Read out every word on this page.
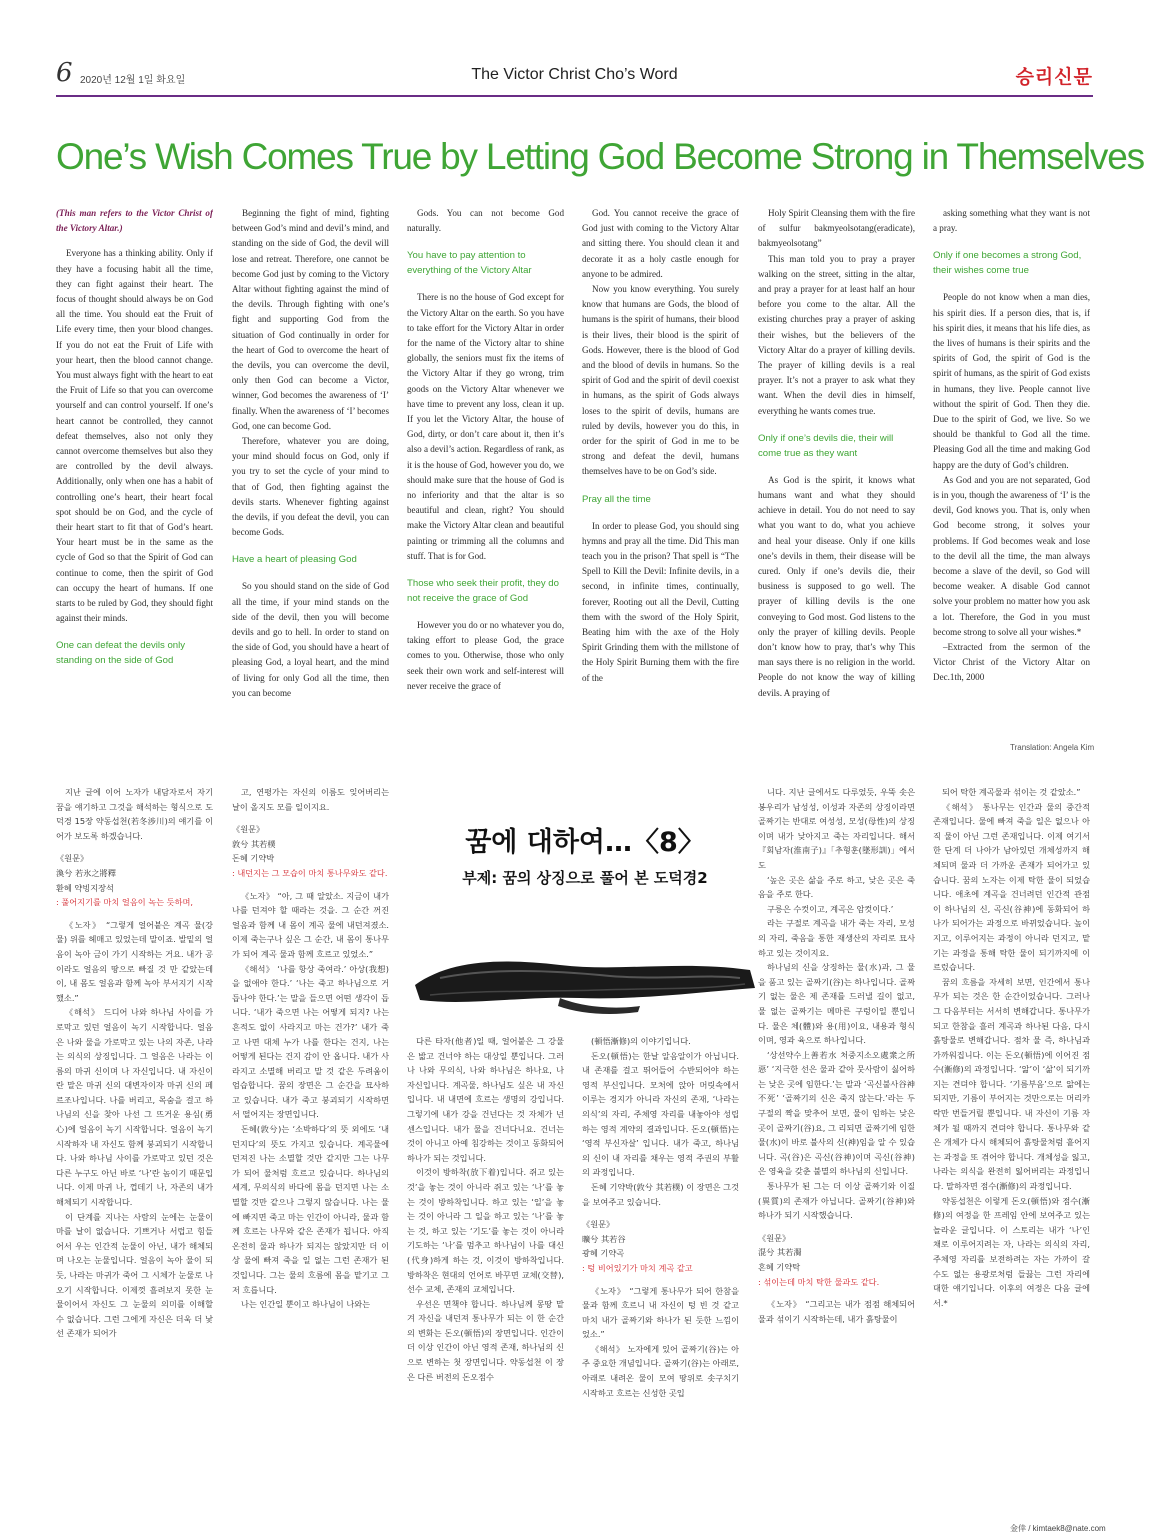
6 2020년 12월 1일 화요일	The Victor Christ Cho’s Word	승리신문
One’s Wish Comes True by Letting God Become Strong in Themselves

(This man refers to the Victor Christ of the Victory Altar.)

Everyone has a thinking ability. Only if they have a focusing habit all the time, they can fight against their heart. The focus of thought should always be on God all the time. You should eat the Fruit of Life every time, then your blood changes. If you do not eat the Fruit of Life with your heart, then the blood cannot change. You must always fight with the heart to eat the Fruit of Life so that you can overcome yourself and can control yourself. If one’s heart cannot be controlled, they cannot defeat themselves, also not only they cannot overcome themselves but also they are controlled by the devil always. Additionally, only when one has a habit of controlling one’s heart, their heart focal spot should be on God, and the cycle of their heart start to fit that of God’s heart. Your heart must be in the same as the cycle of God so that the Spirit of God can continue to come, then the spirit of God can occupy the heart of humans. If one starts to be ruled by God, they should fight against their minds.

One can defeat the devils only standing on the side of God

Beginning the fight of mind, fighting between God’s mind and devil’s mind, and standing on the side of God, the devil will lose and retreat. Therefore, one cannot be become God just by coming to the Victory Altar without fighting against the mind of the devils. Through fighting with one’s fight and supporting God from the situation of God continually in order for the heart of God to overcome the heart of the devils, you can overcome the devil, only then God can become a Victor, winner, God becomes the awareness of ‘I’ finally. When the awareness of ‘I’ becomes God, one can become God.

Therefore, whatever you are doing, your mind should focus on God, only if you try to set the cycle of your mind to that of God, then fighting against the devils starts. Whenever fighting against the devils, if you defeat the devil, you can become Gods.

Have a heart of pleasing God

So you should stand on the side of God all the time, if your mind stands on the side of the devil, then you will become devils and go to hell. In order to stand on the side of God, you should have a heart of pleasing God, a loyal heart, and the mind of living for only God all the time, then you can become

Gods. You can not become God naturally.

You have to pay attention to everything of the Victory Altar

There is no the house of God except for the Victory Altar on the earth. So you have to take effort for the Victory Altar in order for the name of the Victory altar to shine globally, the seniors must fix the items of the Victory Altar if they go wrong, trim goods on the Victory Altar whenever we have time to prevent any loss, clean it up. If you let the Victory Altar, the house of God, dirty, or don’t care about it, then it’s also a devil’s action. Regardless of rank, as it is the house of God, however you do, we should make sure that the house of God is no inferiority and that the altar is so beautiful and clean, right? You should make the Victory Altar clean and beautiful painting or trimming all the columns and stuff. That is for God.

Those who seek their profit, they do not receive the grace of God

However you do or no whatever you do, taking effort to please God, the grace comes to you. Otherwise, those who only seek their own work and self-interest will never receive the grace of

God. You cannot receive the grace of God just with coming to the Victory Altar and sitting there. You should clean it and decorate it as a holy castle enough for anyone to be admired.

Now you know everything. You surely know that humans are Gods, the blood of humans is the spirit of humans, their blood is their lives, their blood is the spirit of Gods. However, there is the blood of God and the blood of devils in humans. So the spirit of God and the spirit of devil coexist in humans, as the spirit of Gods always loses to the spirit of devils, humans are ruled by devils, however you do this, in order for the spirit of God in me to be strong and defeat the devil, humans themselves have to be on God’s side.

Pray all the time

In order to please God, you should sing hymns and pray all the time. Did This man teach you in the prison? That spell is “The Spell to Kill the Devil: Infinite devils, in a second, in infinite times, continually, forever, Rooting out all the Devil, Cutting them with the sword of the Holy Spirit, Beating him with the axe of the Holy Spirit Grinding them with the millstone of the Holy Spirit Burning them with the fire of the

Holy Spirit Cleansing them with the fire of sulfur bakmyeolsotang(eradicate), bakmyeolsotang”

This man told you to pray a prayer walking on the street, sitting in the altar, and pray a prayer for at least half an hour before you come to the altar. All the existing churches pray a prayer of asking their wishes, but the believers of the Victory Altar do a prayer of killing devils. The prayer of killing devils is a real prayer. It’s not a prayer to ask what they want. When the devil dies in himself, everything he wants comes true.

Only if one’s devils die, their will come true as they want

As God is the spirit, it knows what humans want and what they should achieve in detail. You do not need to say what you want to do, what you achieve and heal your disease. Only if one kills one’s devils in them, their disease will be cured. Only if one’s devils die, their business is supposed to go well. The prayer of killing devils is the one conveying to God most. God listens to the only the prayer of killing devils. People don’t know how to pray, that’s why This man says there is no religion in the world. People do not know the way of killing devils. A praying of

asking something what they want is not a pray.

Only if one becomes a strong God, their wishes come true

People do not know when a man dies, his spirit dies. If a person dies, that is, if his spirit dies, it means that his life dies, as the lives of humans is their spirits and the spirits of God, the spirit of God is the spirit of humans, as the spirit of God exists in humans, they live. People cannot live without the spirit of God. Then they die. Due to the spirit of God, we live. So we should be thankful to God all the time. Pleasing God all the time and making God happy are the duty of God’s children.

As God and you are not separated, God is in you, though the awareness of ‘I’ is the devil, God knows you. That is, only when God become strong, it solves your problems. If God becomes weak and lose to the devil all the time, the man always become a slave of the devil, so God will become weaker. A disable God cannot solve your problem no matter how you ask a lot. Therefore, the God in you must become strong to solve all your wishes.*

–Extracted from the sermon of the Victor Christ of the Victory Altar on Dec.1th, 2000

Translation: Angela Kim

지난 글에 이어 노자가 내담자로서 자기 꿈을 얘기하고 그것을 해석하는 형식으로 도덕경 15장 약동섭천(若冬涉川)의 얘기를 이어가 보도록 하겠습니다.

《원문》

渙兮 若氷之將釋

환혜 약빙지장석

: 풀어지기를 마치 얼음이 녹는 듯하며,

《노자》 “그렇게 얼어붙은 계곡 물(강물) 위를 헤매고 있었는데 말이죠. 발밑의 얼음이 녹아 금이 가기 시작하는 거요. 내가 공이라도 얼음의 땅으로 빠질 것 만 같았는데 이, 내 몸도 얼음과 함께 녹아 부서지기 시작했소.”

《해석》 드디어 나와 하나님 사이를 가로막고 있던 얼음이 녹기 시작합니다. 얼음은 나와 물을 가로막고 있는 나의 자존, 나라는 의식의 상징입니다. 그 얼음은 나라는 이름의 마귀 신이며 나 자신입니다. 내 자신이란 말은 마귀 신의 대변자이자 마귀 신의 페르조나입니다. 나를 버리고, 목숨을 걸고 하나님의 신을 찾아 나선 그 뜨거운 용심(勇心)에 얼음이 녹기 시작합니다. 얼음이 녹기 시작하자 내 자신도 함께 붕괴되기 시작합니다. 나와 하나님 사이를 가로막고 있던 것은 다른 누구도 아닌 바로 ‘나’란 놈이기 때문입니다. 이제 마귀 나, 껍데기 나, 자존의 내가 해체되기 시작합니다.

이 단계를 지나는 사람의 눈에는 눈물이 마를 날이 없습니다. 기쁘거나 서럽고 힘들어서 우는 인간적 눈물이 아닌, 내가 해체되며 나오는 눈물입니다. 얼음이 녹아 물이 되듯, 나라는 마귀가 죽어 그 시체가 눈물로 나오기 시작합니다. 이제껏 흘려보지 못한 눈물이어서 자신도 그 눈물의 의미를 이해할 수 없습니다. 그런 그에게 자신은 더욱 더 낯선 존재가 되어가

고, 연평가는 자신의 이름도 잊어버리는 날이 올지도 모를 일이지요.

《원문》

敦兮 其若樸

돈혜 기약박

: 내던지는 그 모습이 마치 통나무와도 같다.

《노자》 “아, 그 때 알았소. 지금이 내가 나를 던져야 할 때라는 것을. 그 순간 꺼진 얼음과 함께 내 몸이 계곡 물에 내던져졌소. 이제 죽는구나 싶은 그 순간, 내 몸이 통나무가 되어 계곡 물과 함께 흐르고 있었소.”

《해석》 ‘나를 항상 죽여라.’ 아상(我想)을 없애야 한다.’ ‘나는 죽고 하나님으로 거듭나야 한다.’는 말을 들으면 어떤 생각이 듭니다. ‘내가 죽으면 나는 어떻게 되지? 나는 흔적도 없이 사라지고 마는 건가?’ 내가 죽고 나면 대체 누가 나를 한다는 건지, 나는 어떻게 된다는 건지 감이 안 옵니다. 내가 사라지고 소멸해 버리고 말 것 같은 두려움이 엄습합니다. 꿈의 장면은 그 순간을 묘사하고 있습니다. 내가 죽고 붕괴되기 시작하면서 떨어지는 장면입니다.

돈혜(敦兮)는 ‘소박하다’의 뜻 외에도 ‘내던지다’의 뜻도 가지고 있습니다. 계곡물에 던져진 나는 소멸할 것만 같지만 그는 나무가 되어 물처럼 흐르고 있습니다. 하나님의 세계, 무의식의 바다에 몸을 던지면 나는 소멸할 것만 같으나 그렇지 않습니다. 나는 물에 빠지면 죽고 마는 인간이 아니라, 물과 함께 흐르는 나무와 같은 존재가 됩니다. 아직 온전히 물과 하나가 되지는 않았지만 더 이상 물에 빠져 죽을 일 없는 그런 존재가 된 것입니다. 그는 물의 흐름에 몸을 맡기고 그저 흐릅니다.

나는 인간일 뿐이고 하나님이 나와는

다른 타자(他者)일 때, 얼어붙은 그 강물은 밟고 건너야 하는 대상일 뿐입니다. 그러나 나와 무의식, 나와 하나님은 하나요, 나 자신입니다. 계곡물, 하나님도 싶은 내 자신입니다. 내 내면에 흐르는 생명의 강입니다. 그렇기에 내가 강을 건넌다는 것 자체가 넌센스입니다. 내가 물을 건너다니요. 건너는 것이 아니고 아예 침강하는 것이고 동화되어 하나가 되는 것입니다.

이것이 방하착(放下着)입니다. 쥐고 있는 것’을 놓는 것이 아니라 쥐고 있는 ‘나’를 놓는 것이 방하착입니다. 하고 있는 ‘일’을 놓는 것이 아니라 그 일을 하고 있는 ‘나’를 놓는 것, 하고 있는 ‘기도’를 놓는 것이 아니라 기도하는 ‘나’를 멈추고 하나님이 나를 대신(代身)하게 하는 것, 이것이 방하착입니다. 방하착은 현대의 언어로 바꾸면 교체(交替), 선수 교체, 존재의 교체입니다.

우선은 면책야 합니다. 하나님께 몽땅 맡겨 자신을 내던져 통나무가 되는 이 한 순간의 변화는 돈오(頓悟)의 장면입니다. 인간이 더 이상 인간이 아닌 영적 존재, 하나님의 신으로 변하는 첫 장면입니다. 약동섭천 이 장은 다른 버전의 돈오점수

(頓悟漸修)의 이야기입니다.

돈오(頓悟)는 한날 알음알이가 아닙니다. 내 존재를 걸고 뛰어들어 수반되어야 하는 영적 부신입니다. 모처에 앉아 머릿속에서 이루는 경지가 아니라 자신의 존재, ‘나라는 의식’의 자리, 주체영 자리를 내놓아야 성립하는 영적 계약의 결과입니다. 돈오(頓悟)는 ‘영적 부신자살’ 입니다. 내가 죽고, 하나님의 신이 내 자리를 채우는 영적 주권의 부활의 과정입니다.

돈혜 기약박(敦兮 其若樸) 이 장면은 그것을 보여주고 있습니다.

《원문》

曠兮 其若谷

광혜 기약곡

: 텅 비어있기가 마치 계곡 같고

《노자》 “그렇게 통나무가 되어 한참을 물과 함께 흐르니 내 자신이 텅 빈 것 같고 마치 내가 골짜기와 하나가 된 듯한 느낌이었소.”

《해석》 노자에게 있어 골짜기(谷)는 아주 중요한 개념입니다. 골짜기(谷)는 아래로, 아래로 내려온 물이 모여 땅위로 솟구치기 시작하고 흐르는 신성한 곳입

니다. 지난 글에서도 다루었듯, 우뚝 솟은 봉우리가 남성성, 이성과 자존의 상징이라면 골짜기는 반대로 여성성, 모성(母性)의 상징이며 내가 낮아지고 죽는 자리입니다. 해서 『회남자(淮南子)』「추형훈(墜形訓)」에서도

‘높은 곳은 삶을 주로 하고, 낮은 곳은 죽음을 주로 한다.

구릉은 수컷이고, 계곡은 암컷이다.’

라는 구절로 계곡을 내가 죽는 자리, 모성의 자리, 죽음을 통한 재생산의 자리로 묘사하고 있는 것이지요.

하나님의 신을 상징하는 물(水)과, 그 물을 품고 있는 골짜기(谷)는 하나입니다. 골짜기 없는 물은 제 존재를 드러낼 길이 없고, 물 없는 골짜기는 메마른 구렁이일 뿐입니다. 물은 체(體)와 용(用)이요, 내용과 형식이며, 영과 육으로 하나입니다.

‘상선약수上善若水 처중지소오處衆之所惡’ ‘지극한 선은 물과 같아 뭇사람이 싫어하는 낮은 곳에 임한다.’는 말과 ‘곡신불사谷神不死’ ‘골짜기의 신은 죽지 않는다.’라는 두 구절의 짝을 맞추어 보면, 물이 임하는 낮은 곳이 골짜기(谷)요, 그 리되면 골짜기에 임한 물(水)이 바로 불사의 신(神)임을 알 수 있습니다. 곡(谷)은 곡신(谷神)이며 곡신(谷神)은 영육을 갖춘 불멸의 하나님의 신입니다.

통나무가 된 그는 더 이상 골짜기와 이질(異質)의 존재가 아닙니다. 골짜기(谷神)와 하나가 되기 시작했습니다.

《원문》

混兮 其若濁

혼혜 기약탁

: 섞이는데 마치 탁한 물과도 같다.

《노자》 “그리고는 내가 점점 해체되어 물과 섞이기 시작하는데, 내가 흙탕물이

되어 탁한 계곡물과 섞이는 것 같았소.”

《해석》 통나무는 인간과 물의 중간적 존재입니다. 물에 빠져 죽을 일은 없으나 아직 물이 아닌 그런 존재입니다. 이제 여기서 한 단계 더 나아가 남아있던 개체성까지 해체되며 물과 더 가까운 존재가 되어가고 있습니다. 꿈의 노자는 이제 탁한 물이 되었습니다. 애초에 계곡을 건너려던 인간적 관점이 하나님의 신, 곡신(谷神)에 동화되어 하나가 되어가는 과정으로 바뀌었습니다. 높이지고, 이루어지는 과정이 아니라 던지고, 맡기는 과정을 통해 탁한 물이 되기까지에 이르렀습니다.

꿈의 흐름을 자세히 보면, 인간에서 통나무가 되는 것은 한 순간이었습니다. 그러나 그 다음부터는 서서히 변해갑니다. 통나무가 되고 한참을 흘러 계곡과 하나된 다음, 다시 흙탕물로 변해갑니다. 점차 물 즉, 하나님과 가까워집니다. 이는 돈오(頓悟)에 이어진 점수(漸修)의 과정입니다. ‘앎’이 ‘삶’이 되기까지는 견뎌야 합니다. ‘기름부음’으로 앎에는 되지만, 기름이 부어지는 것만으로는 머리카락만 번들거릴 뿐입니다. 내 자신이 기름 자체가 될 때까지 견뎌야 합니다. 통나무와 같은 개체가 다시 해체되어 흙탕물처럼 흩어지는 과정을 또 겪어야 합니다. 개체성을 잃고, 나라는 의식을 완전히 잃어버리는 과정입니다. 말하자면 점수(漸修)의 과정입니다.

약동섭천은 이렇게 돈오(頓悟)와 점수(漸修)의 여정을 한 프레임 안에 보여주고 있는 놀라운 글입니다. 이 스토리는 내가 ‘나’인 채로 이루어지려는 자, 나라는 의식의 자리, 주체영 자리를 보전하려는 자는 가까이 갈 수도 없는 용광로처럼 들끓는 그런 자리에 대한 얘기입니다. 이후의 여정은 다음 글에서.*

꿈에 대하여…〈8〉
부제: 꿈의 상징으로 풀어 본 도덕경2
金倖 / kimtaek8@nate.com
